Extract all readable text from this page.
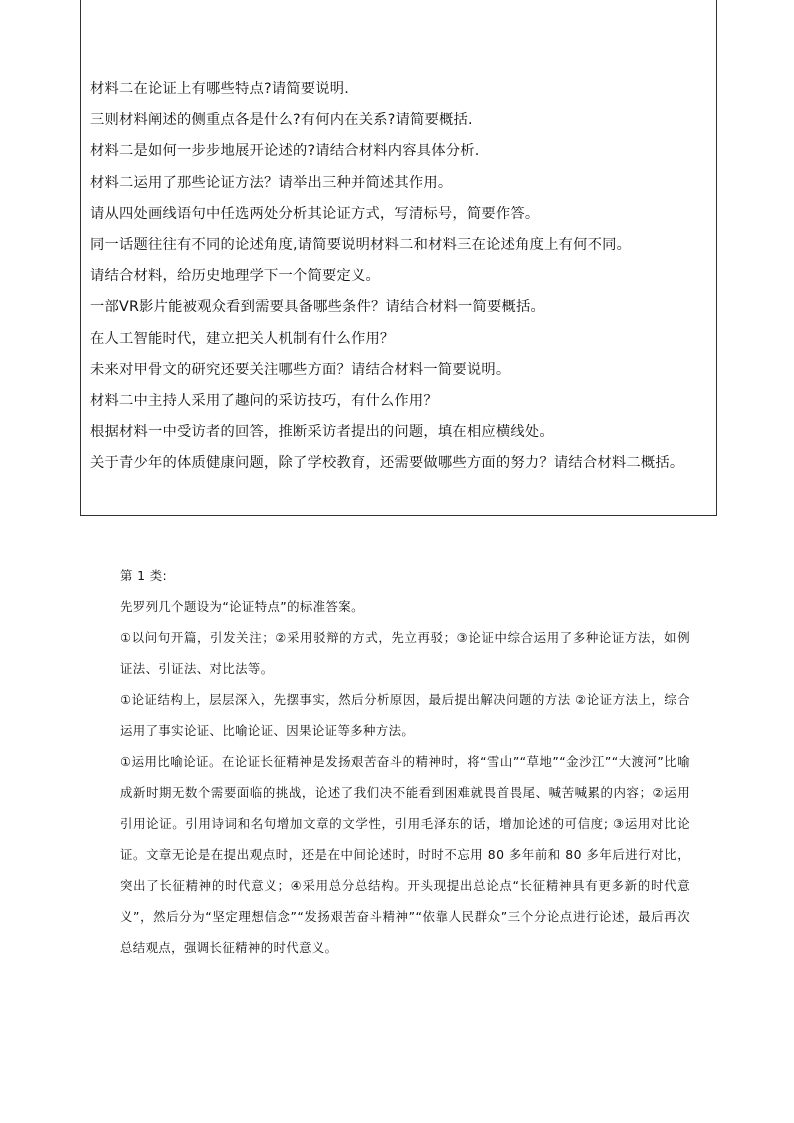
材料二在论证上有哪些特点?请简要说明.
三则材料阐述的侧重点各是什么?有何内在关系?请简要概括.
材料二是如何一步步地展开论述的?请结合材料内容具体分析.
材料二运用了那些论证方法？请举出三种并简述其作用。
请从四处画线语句中任选两处分析其论证方式，写清标号，简要作答。
同一话题往往有不同的论述角度,请简要说明材料二和材料三在论述角度上有何不同。
请结合材料，给历史地理学下一个简要定义。
一部VR影片能被观众看到需要具备哪些条件？请结合材料一简要概括。
在人工智能时代，建立把关人机制有什么作用？
未来对甲骨文的研究还要关注哪些方面？请结合材料一简要说明。
材料二中主持人采用了趣问的采访技巧，有什么作用？
根据材料一中受访者的回答，推断采访者提出的问题，填在相应横线处。
关于青少年的体质健康问题，除了学校教育，还需要做哪些方面的努力？请结合材料二概括。

第 1 类:

先罗列几个题设为“论证特点”的标准答案。

①以问句开篇，引发关注；②采用驳辩的方式，先立再驳；③论证中综合运用了多种论证方法，如例证法、引证法、对比法等。

①论证结构上，层层深入，先摆事实，然后分析原因，最后提出解决问题的方法 ②论证方法上，综合运用了事实论证、比喻论证、因果论证等多种方法。

①运用比喻论证。在论证长征精神是发扬艰苦奋斗的精神时，将“雪山”“草地”“金沙江”“大渡河”比喻成新时期无数个需要面临的挑战，论述了我们决不能看到困难就畏首畏尾、喊苦喊累的内容；②运用引用论证。引用诗词和名句增加文章的文学性，引用毛泽东的话，增加论述的可信度; ③运用对比论证。文章无论是在提出观点时，还是在中间论述时，时时不忘用 80 多年前和 80 多年后进行对比，突出了长征精神的时代意义；④采用总分总结构。开头现提出总论点“长征精神具有更多新的时代意义”，然后分为“坚定理想信念”“发扬艰苦奋斗精神”“依靠人民群众”三个分论点进行论述，最后再次总结观点，强调长征精神的时代意义。
